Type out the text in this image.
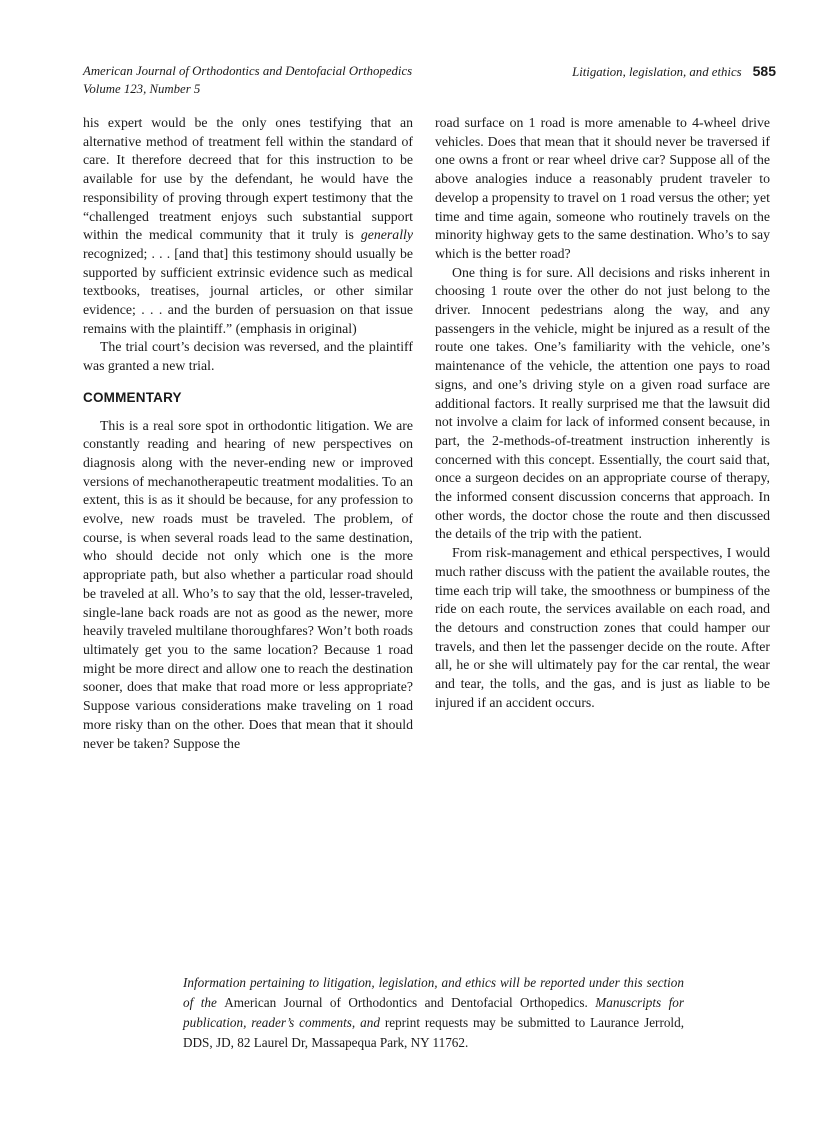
American Journal of Orthodontics and Dentofacial Orthopedics
Volume 123, Number 5
Litigation, legislation, and ethics 585

his expert would be the only ones testifying that an alternative method of treatment fell within the standard of care. It therefore decreed that for this instruction to be available for use by the defendant, he would have the responsibility of proving through expert testimony that the “challenged treatment enjoys such substantial support within the medical community that it truly is generally recognized; . . . [and that] this testimony should usually be supported by sufficient extrinsic evidence such as medical textbooks, treatises, journal articles, or other similar evidence; . . . and the burden of persuasion on that issue remains with the plaintiff.” (emphasis in original)

The trial court’s decision was reversed, and the plaintiff was granted a new trial.

COMMENTARY

This is a real sore spot in orthodontic litigation. We are constantly reading and hearing of new perspectives on diagnosis along with the never-ending new or improved versions of mechanotherapeutic treatment modalities. To an extent, this is as it should be because, for any profession to evolve, new roads must be traveled. The problem, of course, is when several roads lead to the same destination, who should decide not only which one is the more appropriate path, but also whether a particular road should be traveled at all. Who’s to say that the old, lesser-traveled, single-lane back roads are not as good as the newer, more heavily traveled multilane thoroughfares? Won’t both roads ultimately get you to the same location? Because 1 road might be more direct and allow one to reach the destination sooner, does that make that road more or less appropriate? Suppose various considerations make traveling on 1 road more risky than on the other. Does that mean that it should never be taken? Suppose the

road surface on 1 road is more amenable to 4-wheel drive vehicles. Does that mean that it should never be traversed if one owns a front or rear wheel drive car? Suppose all of the above analogies induce a reasonably prudent traveler to develop a propensity to travel on 1 road versus the other; yet time and time again, someone who routinely travels on the minority highway gets to the same destination. Who’s to say which is the better road?

One thing is for sure. All decisions and risks inherent in choosing 1 route over the other do not just belong to the driver. Innocent pedestrians along the way, and any passengers in the vehicle, might be injured as a result of the route one takes. One’s familiarity with the vehicle, one’s maintenance of the vehicle, the attention one pays to road signs, and one’s driving style on a given road surface are additional factors. It really surprised me that the lawsuit did not involve a claim for lack of informed consent because, in part, the 2-methods-of-treatment instruction inherently is concerned with this concept. Essentially, the court said that, once a surgeon decides on an appropriate course of therapy, the informed consent discussion concerns that approach. In other words, the doctor chose the route and then discussed the details of the trip with the patient.

From risk-management and ethical perspectives, I would much rather discuss with the patient the available routes, the time each trip will take, the smoothness or bumpiness of the ride on each route, the services available on each road, and the detours and construction zones that could hamper our travels, and then let the passenger decide on the route. After all, he or she will ultimately pay for the car rental, the wear and tear, the tolls, and the gas, and is just as liable to be injured if an accident occurs.

Information pertaining to litigation, legislation, and ethics will be reported under this section of the American Journal of Orthodontics and Dentofacial Orthopedics. Manuscripts for publication, reader’s comments, and reprint requests may be submitted to Laurance Jerrold, DDS, JD, 82 Laurel Dr, Massapequa Park, NY 11762.
